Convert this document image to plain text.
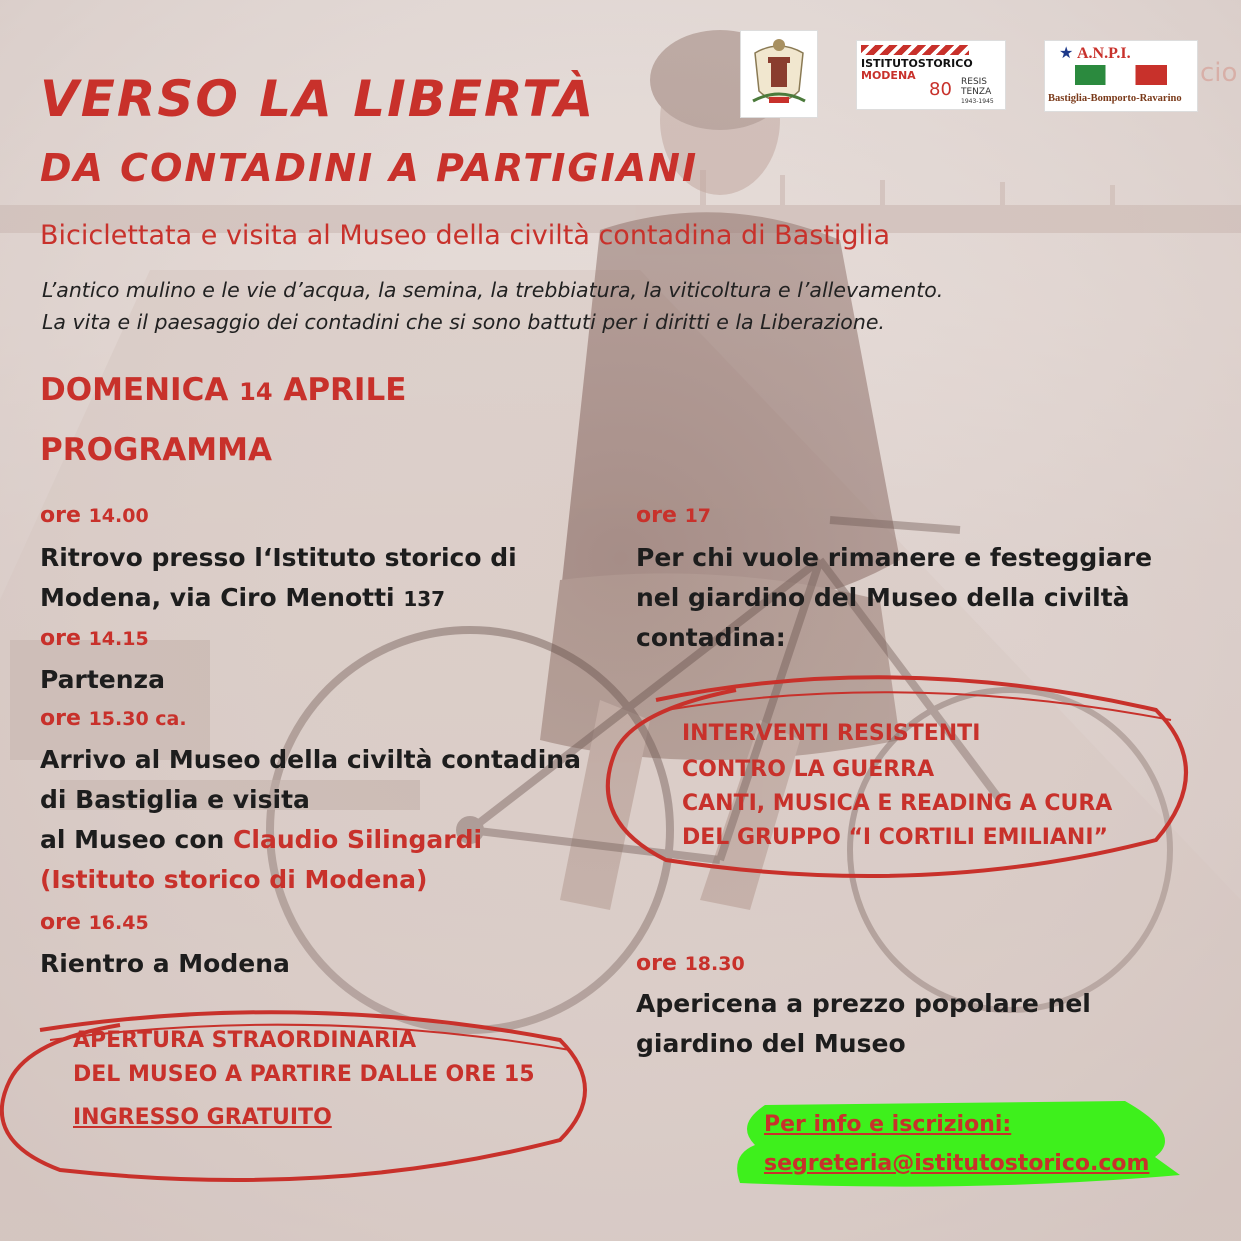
ISTITUTOSTORICO
MODENA
80 RESIS
TENZA
1943-1945
A.N.P.I.
★
Bastiglia-Bomporto-Ravarino
cio
VERSO LA LIBERTÀ
DA CONTADINI A PARTIGIANI
Biciclettata e visita al Museo della civiltà contadina di Bastiglia
L’antico mulino e le vie d’acqua, la semina, la trebbiatura, la viticoltura e l’allevamento.
La vita e il paesaggio dei contadini che si sono battuti per i diritti e la Liberazione.
DOMENICA 14 APRILE
PROGRAMMA
ore 14.00
Ritrovo presso l‘Istituto storico di
Modena, via Ciro Menotti 137
ore 14.15
Partenza
ore 15.30 ca.
Arrivo al Museo della civiltà contadina
di Bastiglia e visita
al Museo con Claudio Silingardi
(Istituto storico di Modena)
ore 16.45
Rientro a Modena
APERTURA STRAORDINARIA
DEL MUSEO A PARTIRE DALLE ORE 15
INGRESSO GRATUITO
ore 17
Per chi vuole rimanere e festeggiare
nel giardino del Museo della civiltà
contadina:
INTERVENTI RESISTENTI
CONTRO LA GUERRA
CANTI, MUSICA E READING A CURA
DEL GRUPPO “I CORTILI EMILIANI”
ore 18.30
Apericena a prezzo popolare nel
giardino del Museo
Per info e iscrizioni:
segreteria@istitutostorico.com
